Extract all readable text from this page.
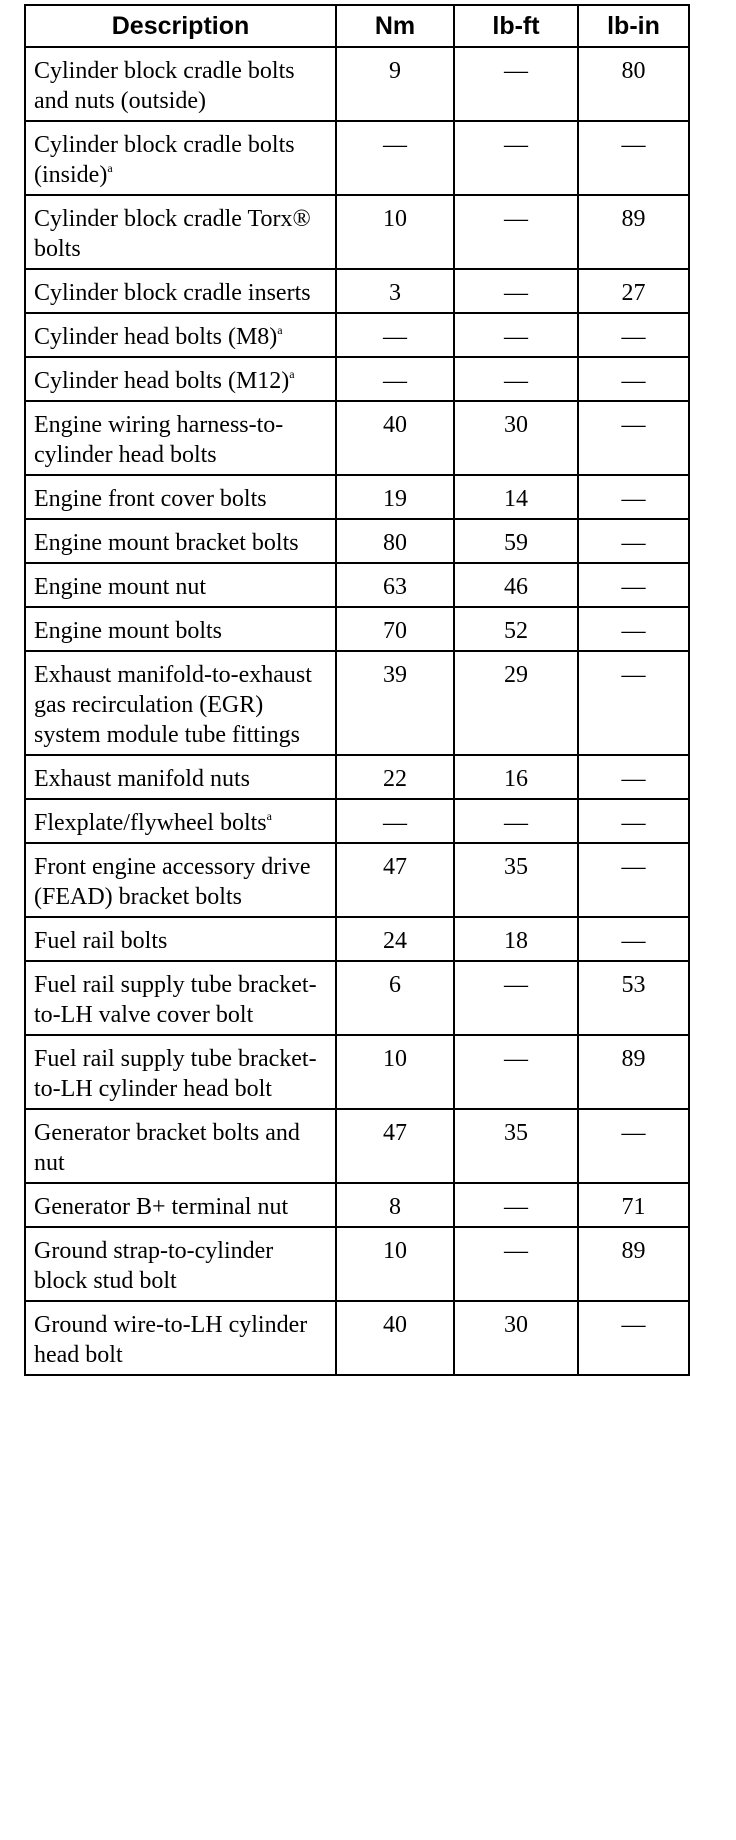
Description	Nm	lb-ft	lb-in
Cylinder block cradle bolts and nuts (outside)	9	—	80
Cylinder block cradle bolts (inside)$^a$	—	—	—
Cylinder block cradle Torx® bolts	10	—	89
Cylinder block cradle inserts	3	—	27
Cylinder head bolts (M8)$^a$	—	—	—
Cylinder head bolts (M12)$^a$	—	—	—
Engine wiring harness-to-cylinder head bolts	40	30	—
Engine front cover bolts	19	14	—
Engine mount bracket bolts	80	59	—
Engine mount nut	63	46	—
Engine mount bolts	70	52	—
Exhaust manifold-to-exhaust gas recirculation (EGR) system module tube fittings	39	29	—
Exhaust manifold nuts	22	16	—
Flexplate/flywheel bolts$^a$	—	—	—
Front engine accessory drive (FEAD) bracket bolts	47	35	—
Fuel rail bolts	24	18	—
Fuel rail supply tube bracket-to-LH valve cover bolt	6	—	53
Fuel rail supply tube bracket-to-LH cylinder head bolt	10	—	89
Generator bracket bolts and nut	47	35	—
Generator B+ terminal nut	8	—	71
Ground strap-to-cylinder block stud bolt	10	—	89
Ground wire-to-LH cylinder head bolt	40	30	—
